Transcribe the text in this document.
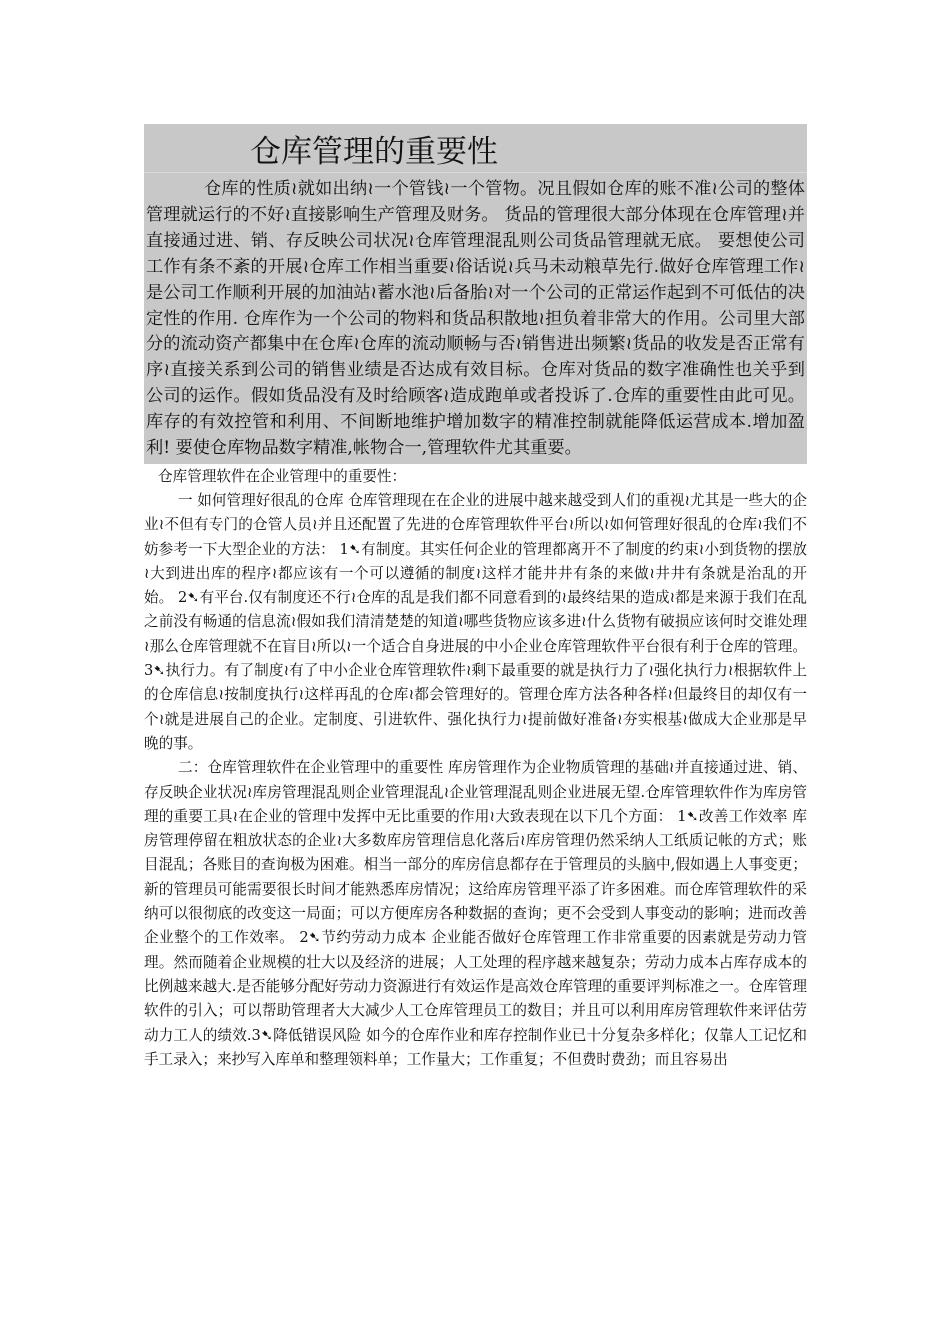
仓库管理的重要性

仓库的性质≀就如出纳≀一个管钱≀一个管物。况且假如仓库的账不准≀公司的整体管理就运行的不好≀直接影响生产管理及财务。 货品的管理很大部分体现在仓库管理≀并直接通过进、销、存反映公司状况≀仓库管理混乱则公司货品管理就无底。 要想使公司工作有条不紊的开展≀仓库工作相当重要≀俗话说≀兵马未动粮草先行.做好仓库管理工作≀是公司工作顺利开展的加油站≀蓄水池≀后备胎≀对一个公司的正常运作起到不可低估的决定性的作用. 仓库作为一个公司的物料和货品积散地≀担负着非常大的作用。公司里大部分的流动资产都集中在仓库≀仓库的流动顺畅与否≀销售进出频繁≀货品的收发是否正常有序≀直接关系到公司的销售业绩是否达成有效目标。仓库对货品的数字准确性也关乎到公司的运作。假如货品没有及时给顾客≀造成跑单或者投诉了.仓库的重要性由此可见。 库存的有效控管和利用、不间断地维护增加数字的精准控制就能降低运营成本.增加盈利! 要使仓库物品数字精准,帐物合一,管理软件尤其重要。

仓库管理软件在企业管理中的重要性：

一 如何管理好很乱的仓库 仓库管理现在在企业的进展中越来越受到人们的重视≀尤其是一些大的企业≀不但有专门的仓管人员≀并且还配置了先进的仓库管理软件平台≀所以≀如何管理好很乱的仓库≀我们不妨参考一下大型企业的方法： 1➷有制度。其实任何企业的管理都离开不了制度的约束≀小到货物的摆放≀大到进出库的程序≀都应该有一个可以遵循的制度≀这样才能井井有条的来做≀井井有条就是治乱的开始。 2➷有平台.仅有制度还不行≀仓库的乱是我们都不同意看到的≀最终结果的造成≀都是来源于我们在乱之前没有畅通的信息流≀假如我们清清楚楚的知道≀哪些货物应该多进≀什么货物有破损应该何时交谁处理≀那么仓库管理就不在盲目≀所以≀一个适合自身进展的中小企业仓库管理软件平台很有利于仓库的管理。 3➷执行力。有了制度≀有了中小企业仓库管理软件≀剩下最重要的就是执行力了≀强化执行力≀根据软件上的仓库信息≀按制度执行≀这样再乱的仓库≀都会管理好的。管理仓库方法各种各样≀但最终目的却仅有一个≀就是进展自己的企业。定制度、引进软件、强化执行力≀提前做好准备≀夯实根基≀做成大企业那是早晚的事。

二：仓库管理软件在企业管理中的重要性 库房管理作为企业物质管理的基础≀并直接通过进、销、存反映企业状况≀库房管理混乱则企业管理混乱≀企业管理混乱则企业进展无望.仓库管理软件作为库房管理的重要工具≀在企业的管理中发挥中无比重要的作用≀大致表现在以下几个方面： 1➷改善工作效率 库房管理停留在粗放状态的企业≀大多数库房管理信息化落后≀库房管理仍然采纳人工纸质记帐的方式；账目混乱；各账目的查询极为困难。相当一部分的库房信息都存在于管理员的头脑中,假如遇上人事变更；新的管理员可能需要很长时间才能熟悉库房情况；这给库房管理平添了许多困难。而仓库管理软件的采纳可以很彻底的改变这一局面；可以方便库房各种数据的查询；更不会受到人事变动的影响；进而改善企业整个的工作效率。 2➷节约劳动力成本 企业能否做好仓库管理工作非常重要的因素就是劳动力管理。然而随着企业规模的壮大以及经济的进展；人工处理的程序越来越复杂；劳动力成本占库存成本的比例越来越大.是否能够分配好劳动力资源进行有效运作是高效仓库管理的重要评判标准之一。仓库管理软件的引入；可以帮助管理者大大减少人工仓库管理员工的数目；并且可以利用库房管理软件来评估劳动力工人的绩效.3➷降低错误风险 如今的仓库作业和库存控制作业已十分复杂多样化；仅靠人工记忆和手工录入；来抄写入库单和整理领料单；工作量大；工作重复；不但费时费劲；而且容易出
